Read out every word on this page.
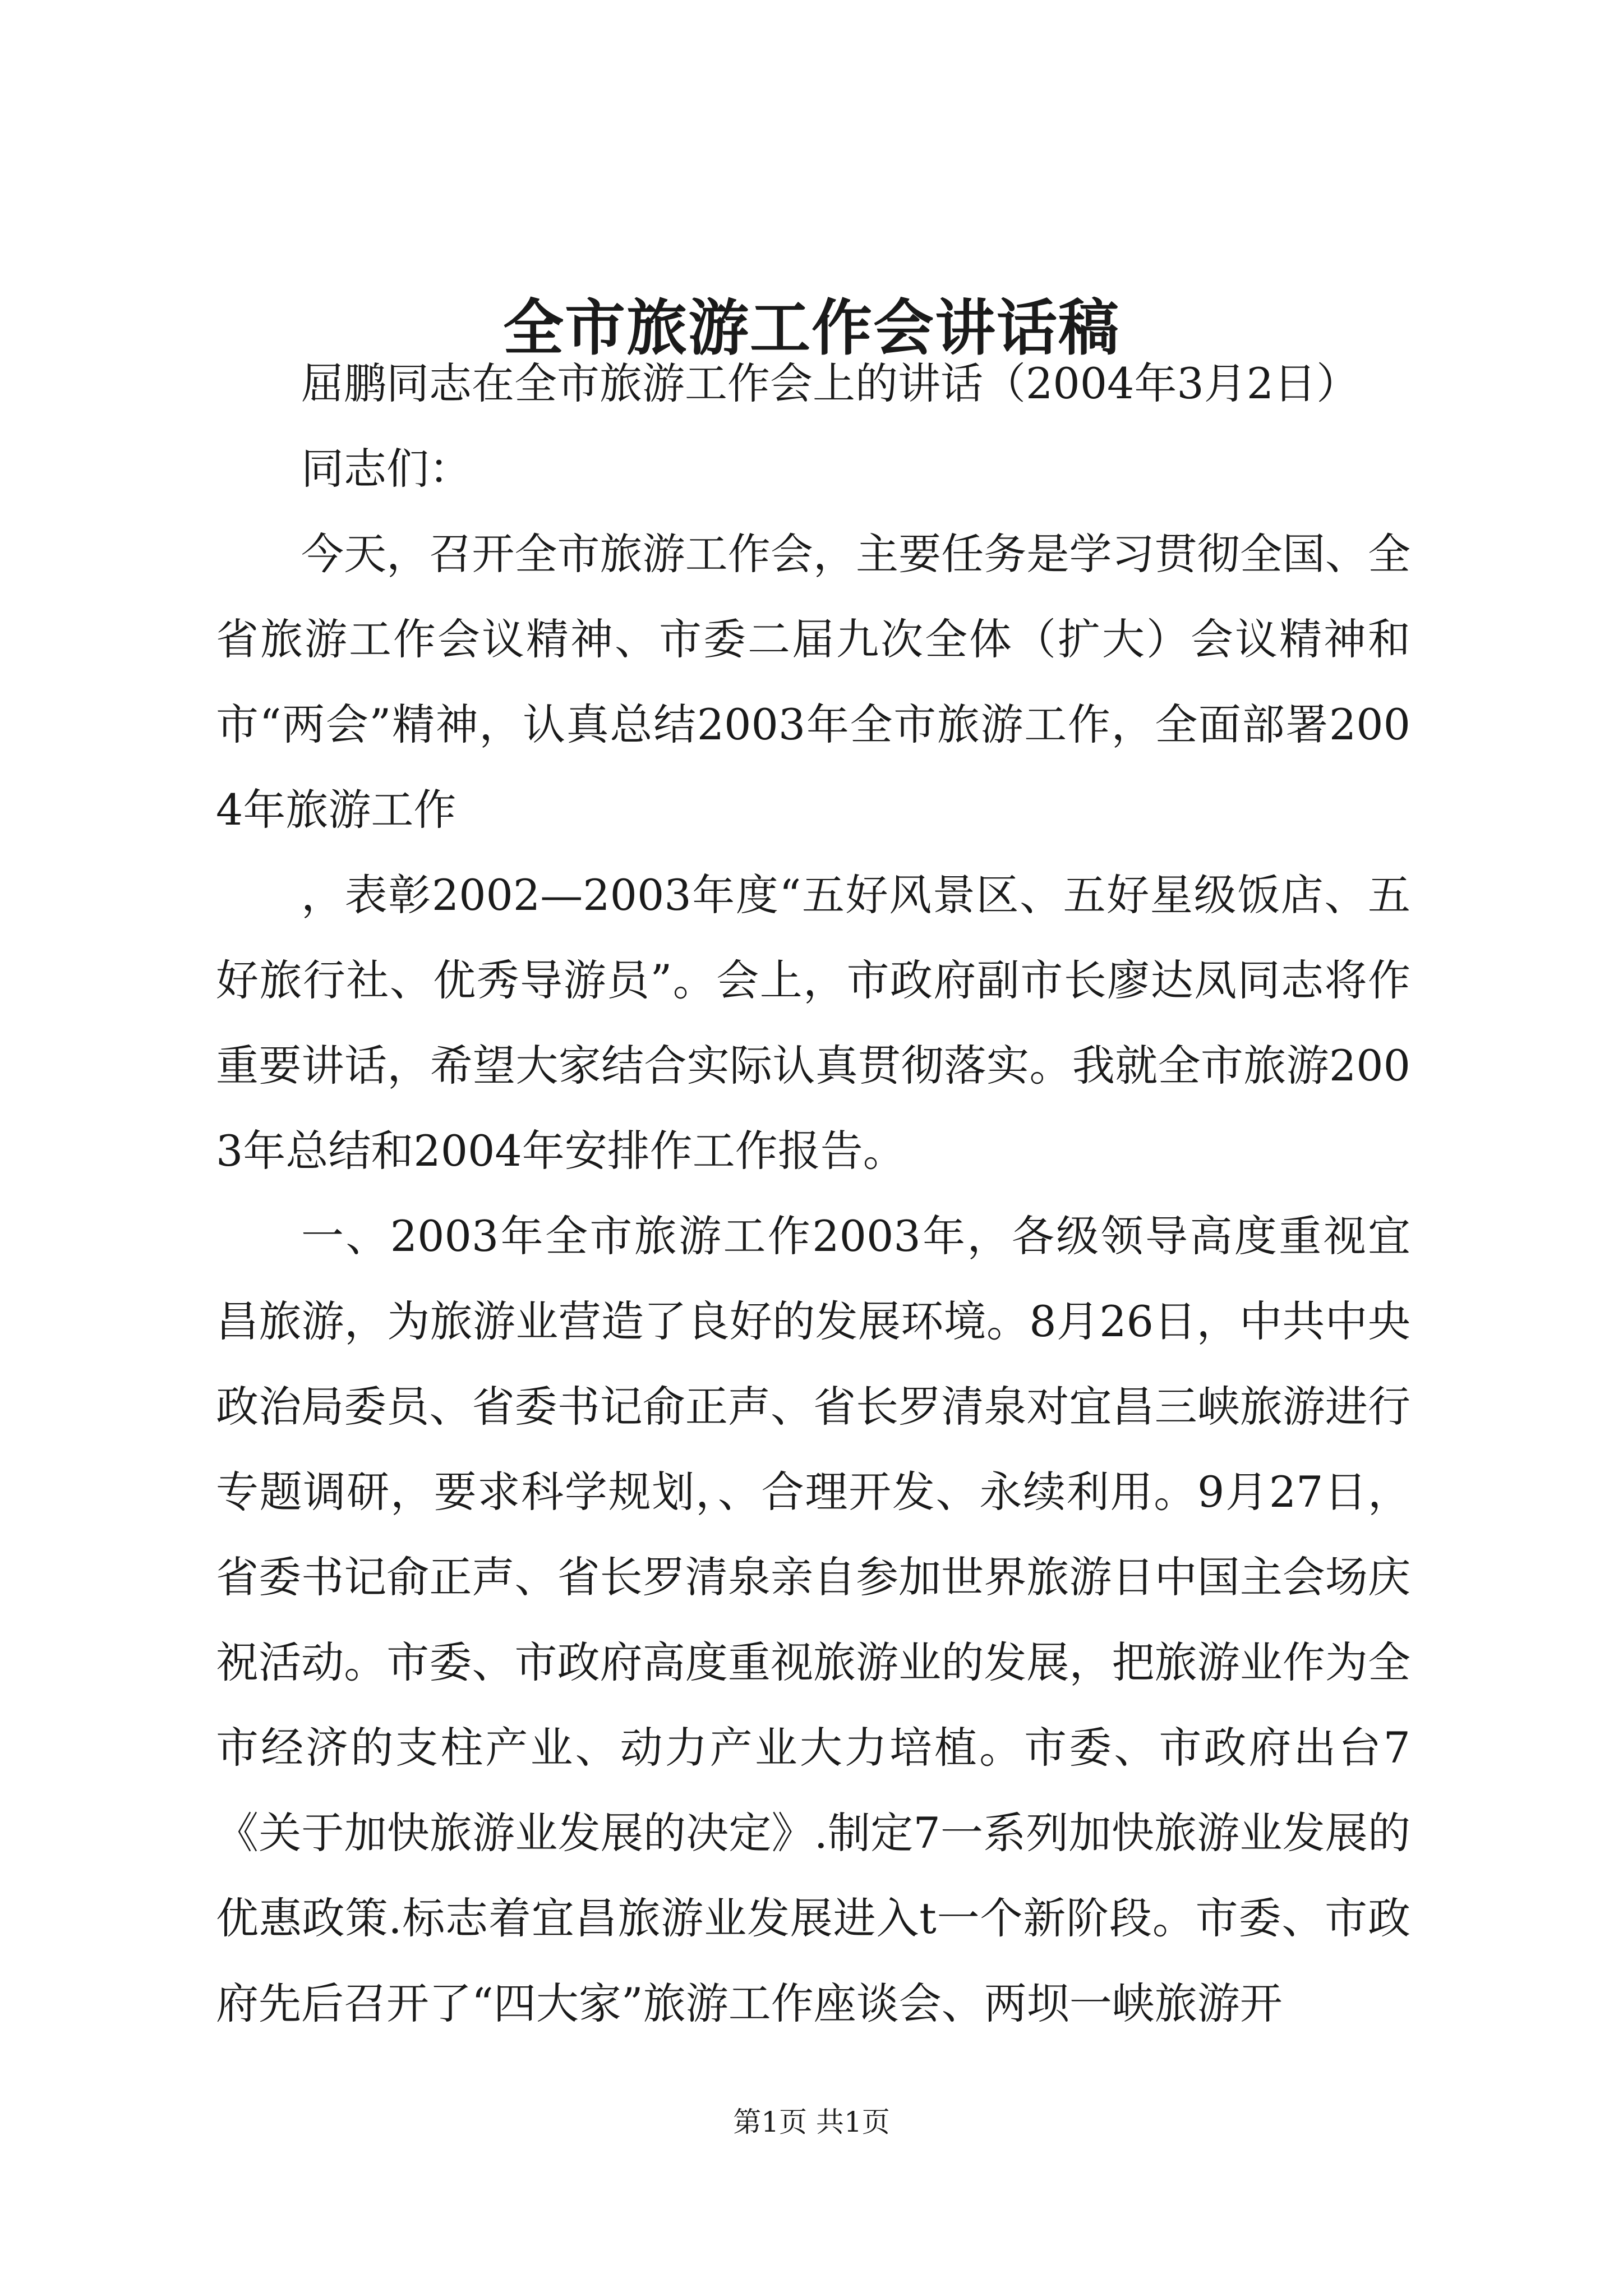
全市旅游工作会讲话稿

屈鹏同志在全市旅游工作会上的讲话（2004年3月2日）

同志们：

今天，召开全市旅游工作会，主要任务是学习贯彻全国、全省旅游工作会议精神、市委二届九次全体（扩大）会议精神和市“两会”精神，认真总结2003年全市旅游工作，全面部署2004年旅游工作

，表彰2002—2003年度“五好风景区、五好星级饭店、五好旅行社、优秀导游员”。会上，市政府副市长廖达凤同志将作重要讲话，希望大家结合实际认真贯彻落实。我就全市旅游2003年总结和2004年安排作工作报告。

一、2003年全市旅游工作2003年，各级领导高度重视宜昌旅游，为旅游业营造了良好的发展环境。8月26日，中共中央政治局委员、省委书记俞正声、省长罗清泉对宜昌三峡旅游进行专题调研，要求科学规划，、合理开发、永续利用。9月27日，省委书记俞正声、省长罗清泉亲自参加世界旅游日中国主会场庆祝活动。市委、市政府高度重视旅游业的发展，把旅游业作为全市经济的支柱产业、动力产业大力培植。市委、市政府出台7《关于加快旅游业发展的决定》.制定7一系列加快旅游业发展的优惠政策.标志着宜昌旅游业发展进入t一个新阶段。市委、市政府先后召开了“四大家”旅游工作座谈会、两坝一峡旅游开

第1页 共1页
